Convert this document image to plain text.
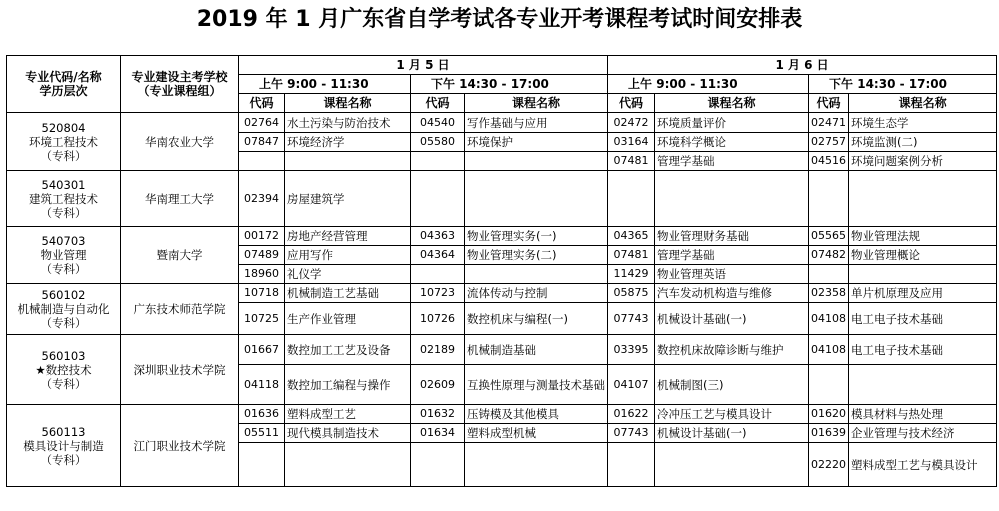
2019 年 1 月广东省自学考试各专业开考课程考试时间安排表
专业代码/名称
学历层次	专业建设主考学校
（专业课程组）	1 月 5 日				1 月 6 日			
		上午 9:00 - 11:30		下午 14:30 - 17:00		上午 9:00 - 11:30		下午 14:30 - 17:00	
		代码	课程名称	代码	课程名称	代码	课程名称	代码	课程名称

520804
环境工程技术
（专科）	华南农业大学	02764	水土污染与防治技术	04540	写作基础与应用	02472	环境质量评价	02471	环境生态学
		07847	环境经济学	05580	环境保护	03164	环境科学概论	02757	环境监测(二)
						07481	管理学基础	04516	环境问题案例分析

540301
建筑工程技术
（专科）	华南理工大学	02394	房屋建筑学						

540703
物业管理
（专科）	暨南大学	00172	房地产经营管理	04363	物业管理实务(一)	04365	物业管理财务基础	05565	物业管理法规
		07489	应用写作	04364	物业管理实务(二)	07481	管理学基础	07482	物业管理概论
		18960	礼仪学			11429	物业管理英语		

560102
机械制造与自动化
（专科）	广东技术师范学院	10718	机械制造工艺基础	10723	流体传动与控制	05875	汽车发动机构造与维修	02358	单片机原理及应用
		10725	生产作业管理	10726	数控机床与编程(一)	07743	机械设计基础(一)	04108	电工电子技术基础

560103
★数控技术
（专科）	深圳职业技术学院	01667	数控加工工艺及设备	02189	机械制造基础	03395	数控机床故障诊断与维护	04108	电工电子技术基础
		04118	数控加工编程与操作	02609	互换性原理与测量技术基础	04107	机械制图(三)		

560113
模具设计与制造
（专科）	江门职业技术学院	01636	塑料成型工艺	01632	压铸模及其他模具	01622	冷冲压工艺与模具设计	01620	模具材料与热处理
		05511	现代模具制造技术	01634	塑料成型机械	07743	机械设计基础(一)	01639	企业管理与技术经济
								02220	塑料成型工艺与模具设计
